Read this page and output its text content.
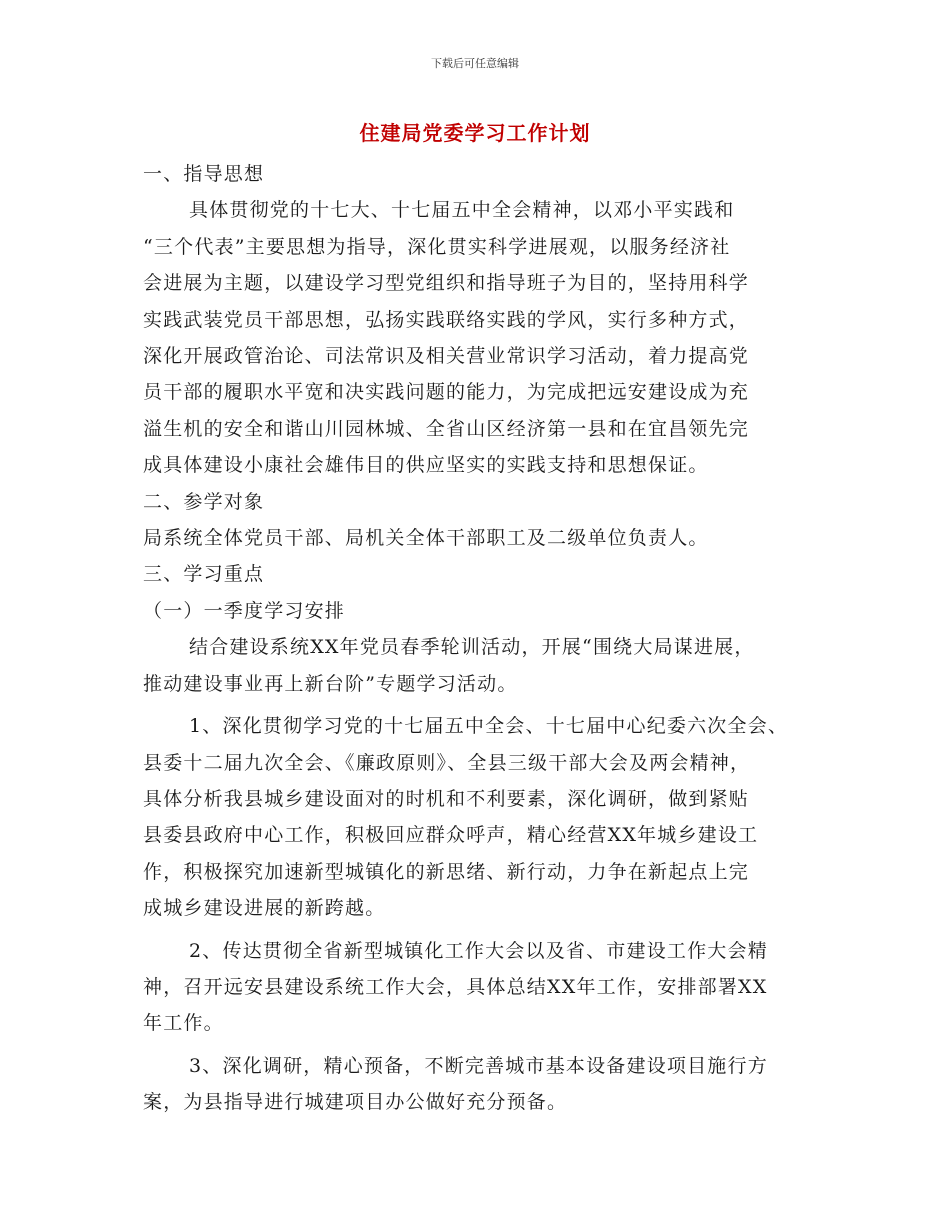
下载后可任意编辑
住建局党委学习工作计划

一、指导思想

具体贯彻党的十七大、十七届五中全会精神，以邓小平实践和
“三个代表”主要思想为指导，深化贯实科学进展观，以服务经济社
会进展为主题，以建设学习型党组织和指导班子为目的，坚持用科学
实践武装党员干部思想，弘扬实践联络实践的学风，实行多种方式，
深化开展政管治论、司法常识及相关营业常识学习活动，着力提高党
员干部的履职水平宽和决实践问题的能力，为完成把远安建设成为充
溢生机的安全和谐山川园林城、全省山区经济第一县和在宜昌领先完
成具体建设小康社会雄伟目的供应坚实的实践支持和思想保证。

二、参学对象

局系统全体党员干部、局机关全体干部职工及二级单位负责人。

三、学习重点

（一）一季度学习安排

结合建设系统XX年党员春季轮训活动，开展“围绕大局谋进展，
推动建设事业再上新台阶”专题学习活动。

1、深化贯彻学习党的十七届五中全会、十七届中心纪委六次全会、
县委十二届九次全会、《廉政原则》、全县三级干部大会及两会精神，
具体分析我县城乡建设面对的时机和不利要素，深化调研，做到紧贴
县委县政府中心工作，积极回应群众呼声，精心经营XX年城乡建设工
作，积极探究加速新型城镇化的新思绪、新行动，力争在新起点上完
成城乡建设进展的新跨越。

2、传达贯彻全省新型城镇化工作大会以及省、市建设工作大会精
神，召开远安县建设系统工作大会，具体总结XX年工作，安排部署XX
年工作。

3、深化调研，精心预备，不断完善城市基本设备建设项目施行方
案，为县指导进行城建项目办公做好充分预备。
